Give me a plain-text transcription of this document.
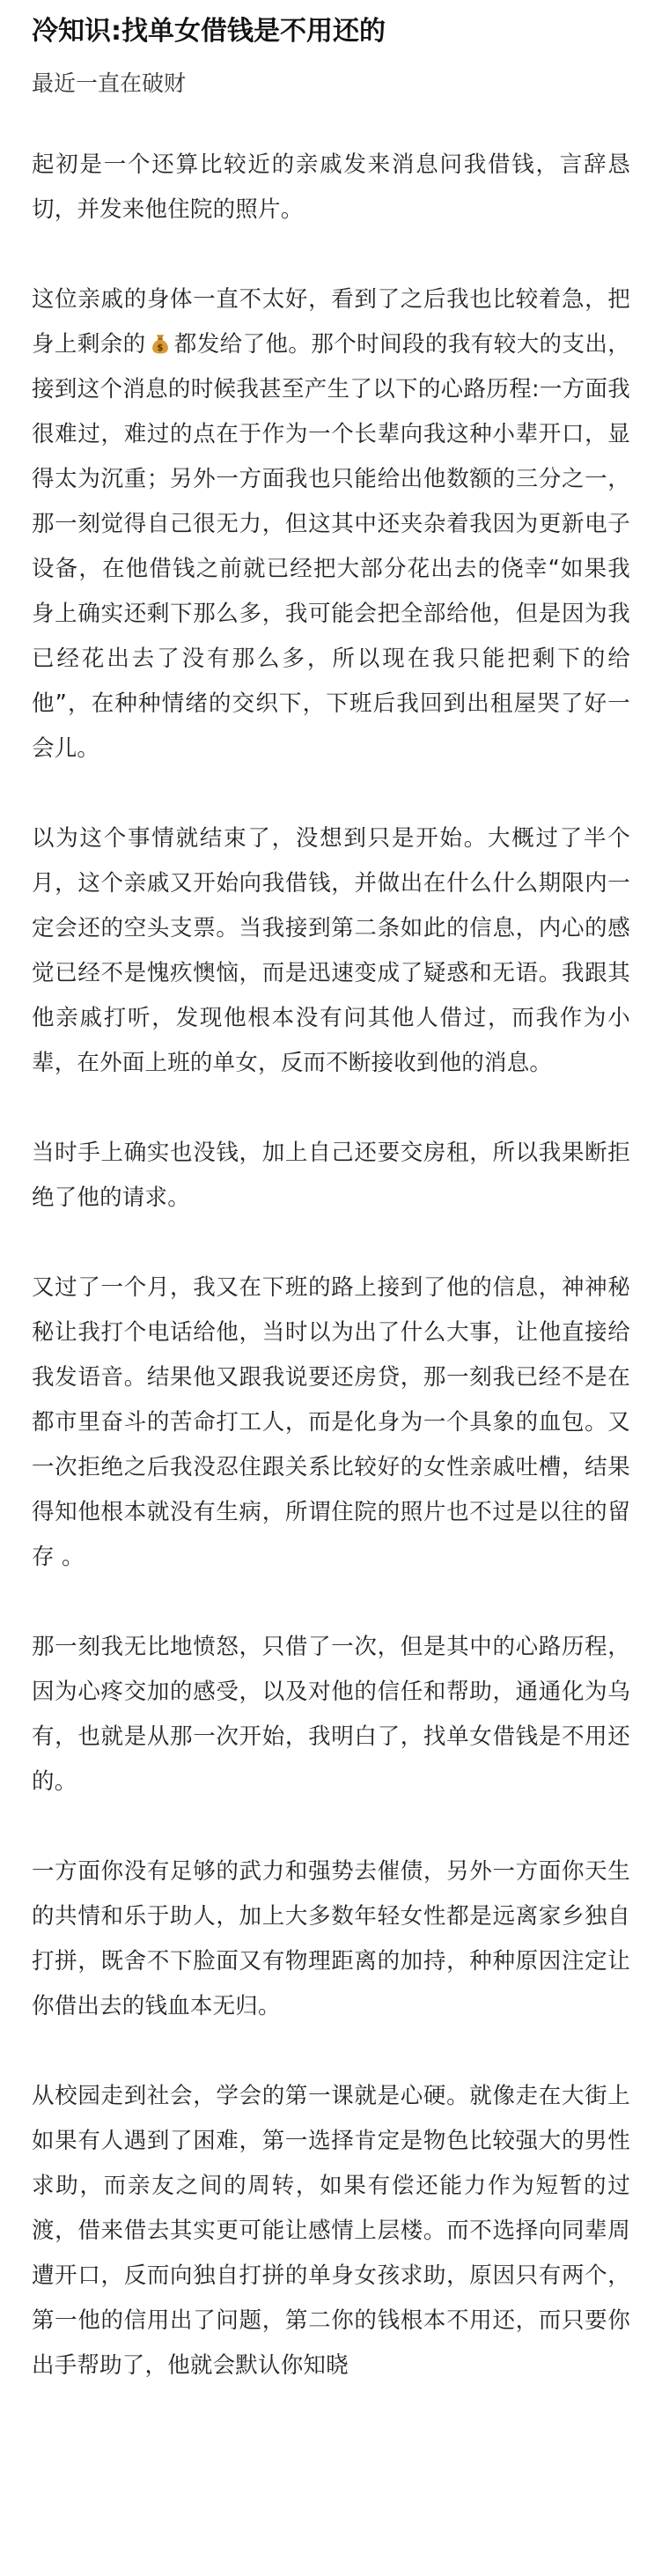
冷知识:找单女借钱是不用还的
最近一直在破财

起初是一个还算比较近的亲戚发来消息问我借钱，言辞恳切，并发来他住院的照片。

这位亲戚的身体一直不太好，看到了之后我也比较着急，把身上剩余的 $ 都发给了他。那个时间段的我有较大的支出，接到这个消息的时候我甚至产生了以下的心路历程:一方面我很难过，难过的点在于作为一个长辈向我这种小辈开口，显得太为沉重；另外一方面我也只能给出他数额的三分之一，那一刻觉得自己很无力，但这其中还夹杂着我因为更新电子设备，在他借钱之前就已经把大部分花出去的侥幸“如果我身上确实还剩下那么多，我可能会把全部给他，但是因为我已经花出去了没有那么多，所以现在我只能把剩下的给他”，在种种情绪的交织下，下班后我回到出租屋哭了好一会儿。

以为这个事情就结束了，没想到只是开始。大概过了半个月，这个亲戚又开始向我借钱，并做出在什么什么期限内一定会还的空头支票。当我接到第二条如此的信息，内心的感觉已经不是愧疚懊恼，而是迅速变成了疑惑和无语。我跟其他亲戚打听，发现他根本没有问其他人借过，而我作为小辈，在外面上班的单女，反而不断接收到他的消息。

当时手上确实也没钱，加上自己还要交房租，所以我果断拒绝了他的请求。

又过了一个月，我又在下班的路上接到了他的信息，神神秘秘让我打个电话给他，当时以为出了什么大事，让他直接给我发语音。结果他又跟我说要还房贷，那一刻我已经不是在都市里奋斗的苦命打工人，而是化身为一个具象的血包。又一次拒绝之后我没忍住跟关系比较好的女性亲戚吐槽，结果得知他根本就没有生病，所谓住院的照片也不过是以往的留存 。

那一刻我无比地愤怒，只借了一次，但是其中的心路历程，因为心疼交加的感受，以及对他的信任和帮助，通通化为乌有，也就是从那一次开始，我明白了，找单女借钱是不用还的。

一方面你没有足够的武力和强势去催债，另外一方面你天生的共情和乐于助人，加上大多数年轻女性都是远离家乡独自打拼，既舍不下脸面又有物理距离的加持，种种原因注定让你借出去的钱血本无归。

从校园走到社会，学会的第一课就是心硬。就像走在大街上如果有人遇到了困难，第一选择肯定是物色比较强大的男性求助，而亲友之间的周转，如果有偿还能力作为短暂的过渡，借来借去其实更可能让感情上层楼。而不选择向同辈周遭开口，反而向独自打拼的单身女孩求助，原因只有两个，第一他的信用出了问题，第二你的钱根本不用还，而只要你出手帮助了，他就会默认你知晓
